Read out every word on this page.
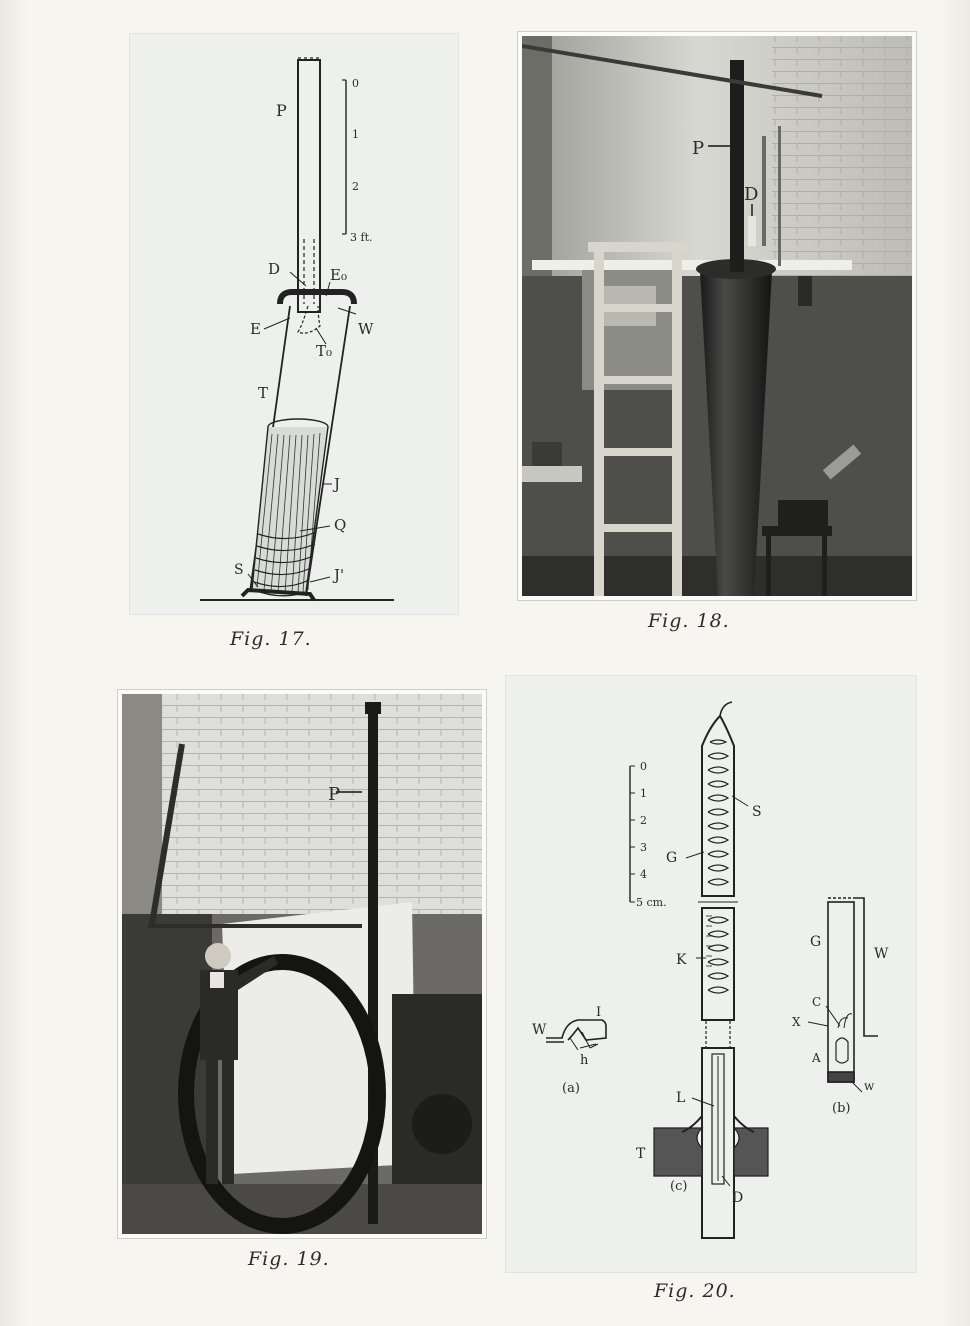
P
0
1
2
3 ft.
D	E₀
E	W
T₀
T
J
Q
J'
S
Fig. 17.
P
D
Fig. 18.
P
Fig. 19.
0
1
2
3
4
5 cm.
S
G
K
L
T
D
(c)
W
I
h
(a)
G
W
C
X
A
w
(b)
Fig. 20.
